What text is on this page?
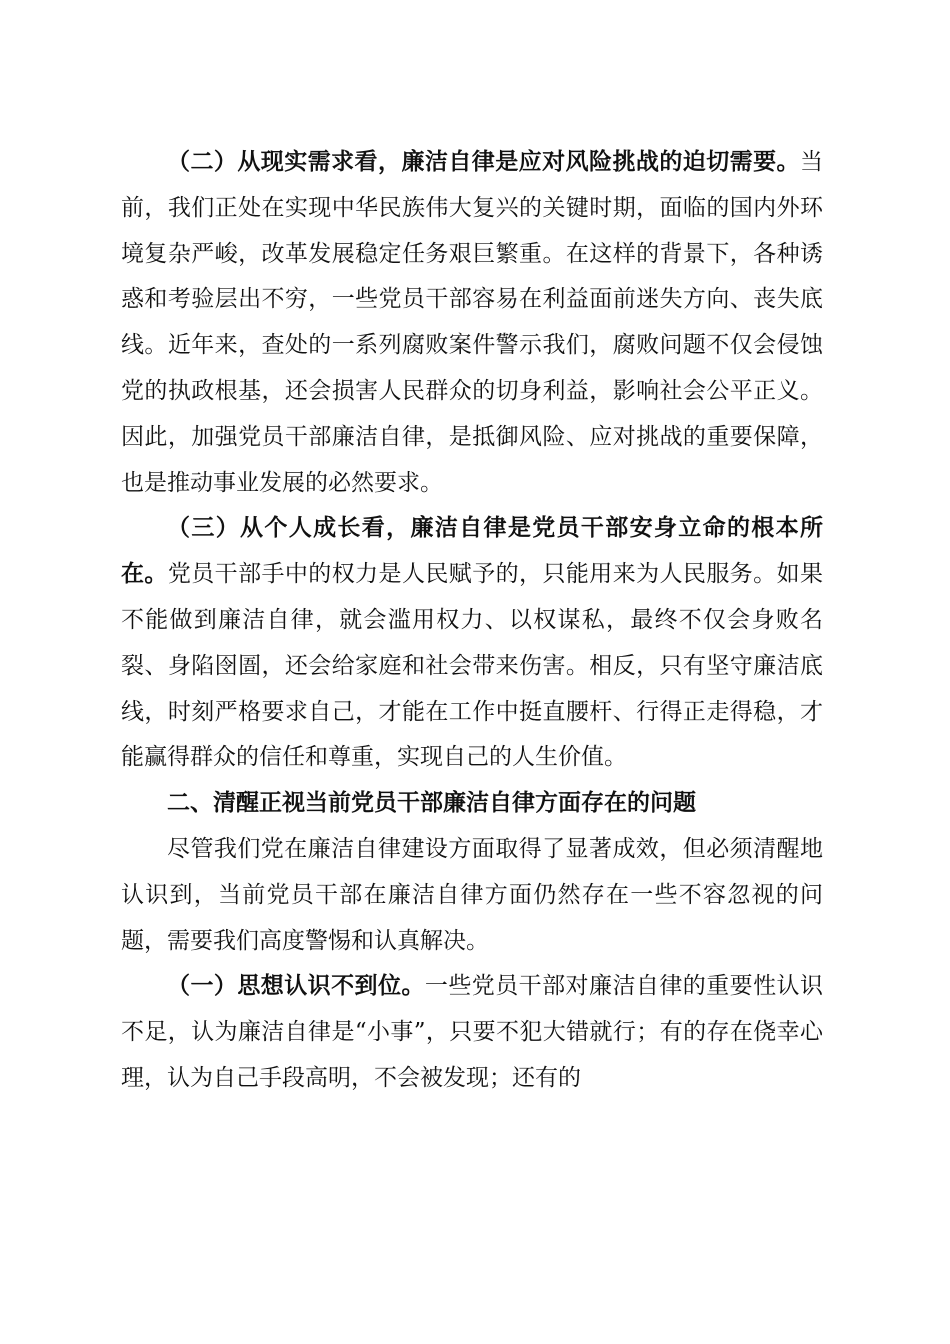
（二）从现实需求看，廉洁自律是应对风险挑战的迫切需要。当前，我们正处在实现中华民族伟大复兴的关键时期，面临的国内外环境复杂严峻，改革发展稳定任务艰巨繁重。在这样的背景下，各种诱惑和考验层出不穷，一些党员干部容易在利益面前迷失方向、丧失底线。近年来，查处的一系列腐败案件警示我们，腐败问题不仅会侵蚀党的执政根基，还会损害人民群众的切身利益，影响社会公平正义。因此，加强党员干部廉洁自律，是抵御风险、应对挑战的重要保障，也是推动事业发展的必然要求。

（三）从个人成长看，廉洁自律是党员干部安身立命的根本所在。党员干部手中的权力是人民赋予的，只能用来为人民服务。如果不能做到廉洁自律，就会滥用权力、以权谋私，最终不仅会身败名裂、身陷囹圄，还会给家庭和社会带来伤害。相反，只有坚守廉洁底线，时刻严格要求自己，才能在工作中挺直腰杆、行得正走得稳，才能赢得群众的信任和尊重，实现自己的人生价值。

二、清醒正视当前党员干部廉洁自律方面存在的问题

尽管我们党在廉洁自律建设方面取得了显著成效，但必须清醒地认识到，当前党员干部在廉洁自律方面仍然存在一些不容忽视的问题，需要我们高度警惕和认真解决。

（一）思想认识不到位。一些党员干部对廉洁自律的重要性认识不足，认为廉洁自律是“小事”，只要不犯大错就行；有的存在侥幸心理，认为自己手段高明，不会被发现；还有的
